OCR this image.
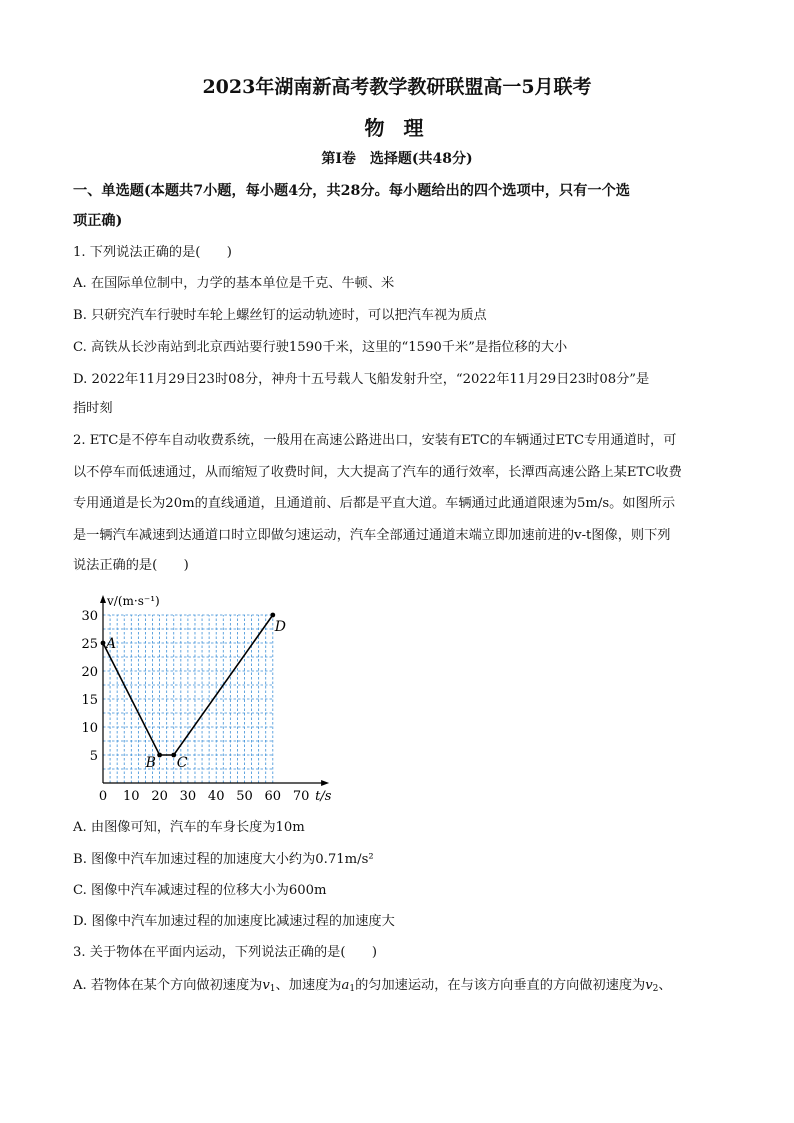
2023年湖南新高考教学教研联盟高一5月联考
物 理
第Ⅰ卷　选择题(共48分)
一、单选题(本题共7小题，每小题4分，共28分。每小题给出的四个选项中，只有一个选
项正确)
1. 下列说法正确的是(　　)
A. 在国际单位制中，力学的基本单位是千克、牛顿、米
B. 只研究汽车行驶时车轮上螺丝钉的运动轨迹时，可以把汽车视为质点
C. 高铁从长沙南站到北京西站要行驶1590千米，这里的“1590千米”是指位移的大小
D. 2022年11月29日23时08分，神舟十五号载人飞船发射升空，“2022年11月29日23时08分”是
指时刻
2. ETC是不停车自动收费系统，一般用在高速公路进出口，安装有ETC的车辆通过ETC专用通道时，可
以不停车而低速通过，从而缩短了收费时间，大大提高了汽车的通行效率，长潭西高速公路上某ETC收费
专用通道是长为20m的直线通道，且通道前、后都是平直大道。车辆通过此通道限速为5m/s。如图所示
是一辆汽车减速到达通道口时立即做匀速运动，汽车全部通过通道末端立即加速前进的v-t图像，则下列
说法正确的是(　　)
0 10 20 30 40 50 60 70
5
10
15
20
25
30
t/s
v/(m·s⁻¹)
A
B C
D
A. 由图像可知，汽车的车身长度为10m
B. 图像中汽车加速过程的加速度大小约为0.71m/s²
C. 图像中汽车减速过程的位移大小为600m
D. 图像中汽车加速过程的加速度比减速过程的加速度大
3. 关于物体在平面内运动，下列说法正确的是(　　)
A. 若物体在某个方向做初速度为$v_1$、加速度为$a_1$的匀加速运动，在与该方向垂直的方向做初速度为$v_2$、
